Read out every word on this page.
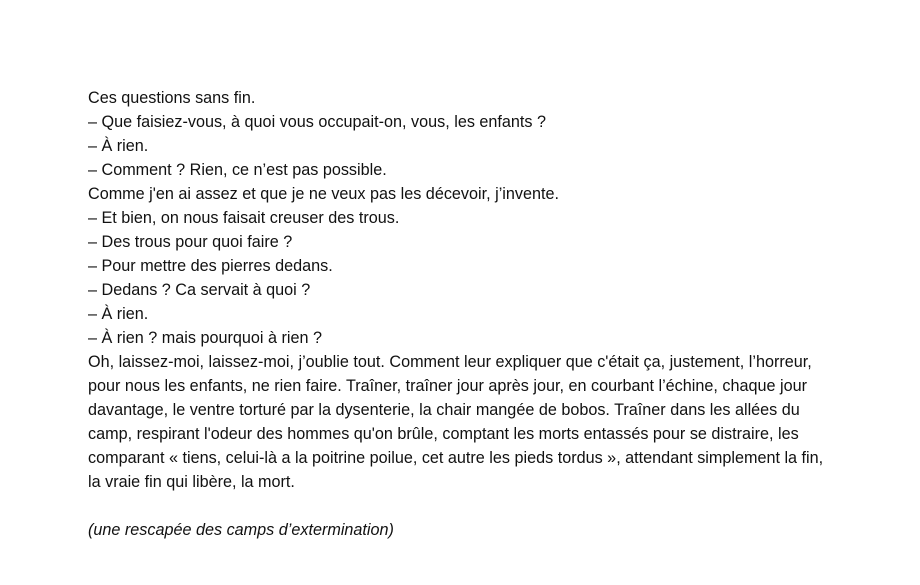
Ces questions sans fin.
– Que faisiez-vous, à quoi vous occupait-on, vous, les enfants ?
– À rien.
– Comment ? Rien, ce n’est pas possible.
Comme j'en ai assez et que je ne veux pas les décevoir, j’invente.
– Et bien, on nous faisait creuser des trous.
– Des trous pour quoi faire ?
– Pour mettre des pierres dedans.
– Dedans ? Ca servait à quoi ?
– À rien.
– À rien ? mais pourquoi à rien ?
Oh, laissez-moi, laissez-moi, j’oublie tout. Comment leur expliquer que c'était ça, justement, l’horreur, pour nous les enfants, ne rien faire. Traîner, traîner jour après jour, en courbant l’échine, chaque jour davantage, le ventre torturé par la dysenterie, la chair mangée de bobos. Traîner dans les allées du camp, respirant l'odeur des hommes qu'on brûle, comptant les morts entassés pour se distraire, les comparant « tiens, celui-là a la poitrine poilue, cet autre les pieds tordus », attendant simplement la fin, la vraie fin qui libère, la mort.
(une rescapée des camps d’extermination)
